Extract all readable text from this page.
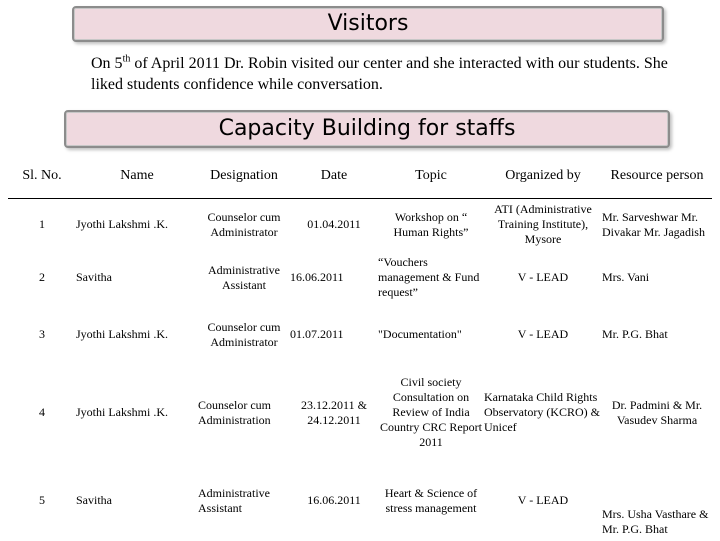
Visitors
On 5th of April 2011 Dr. Robin visited our center and she interacted with our students. She liked students confidence while conversation.
Capacity Building for staffs
Sl. No.	Name	Designation	Date	Topic	Organized by	Resource person
1	Jyothi Lakshmi .K.	Counselor cum Administrator	01.04.2011	Workshop on “ Human Rights”	ATI (Administrative Training Institute), Mysore	Mr. Sarveshwar Mr. Divakar Mr. Jagadish
2	Savitha	Administrative Assistant	16.06.2011	“Vouchers management & Fund request”	V - LEAD	Mrs. Vani
3	Jyothi Lakshmi .K.	Counselor cum Administrator	01.07.2011	"Documentation"	V - LEAD	Mr. P.G. Bhat
4	Jyothi Lakshmi .K.	Counselor cum Administration	23.12.2011 & 24.12.2011	Civil society Consultation on Review of India Country CRC Report 2011	Karnataka Child Rights Observatory (KCRO) & Unicef	Dr. Padmini & Mr. Vasudev Sharma
5	Savitha	Administrative Assistant	16.06.2011	Heart & Science of stress management	V - LEAD	Mrs. Usha Vasthare & Mr. P.G. Bhat
